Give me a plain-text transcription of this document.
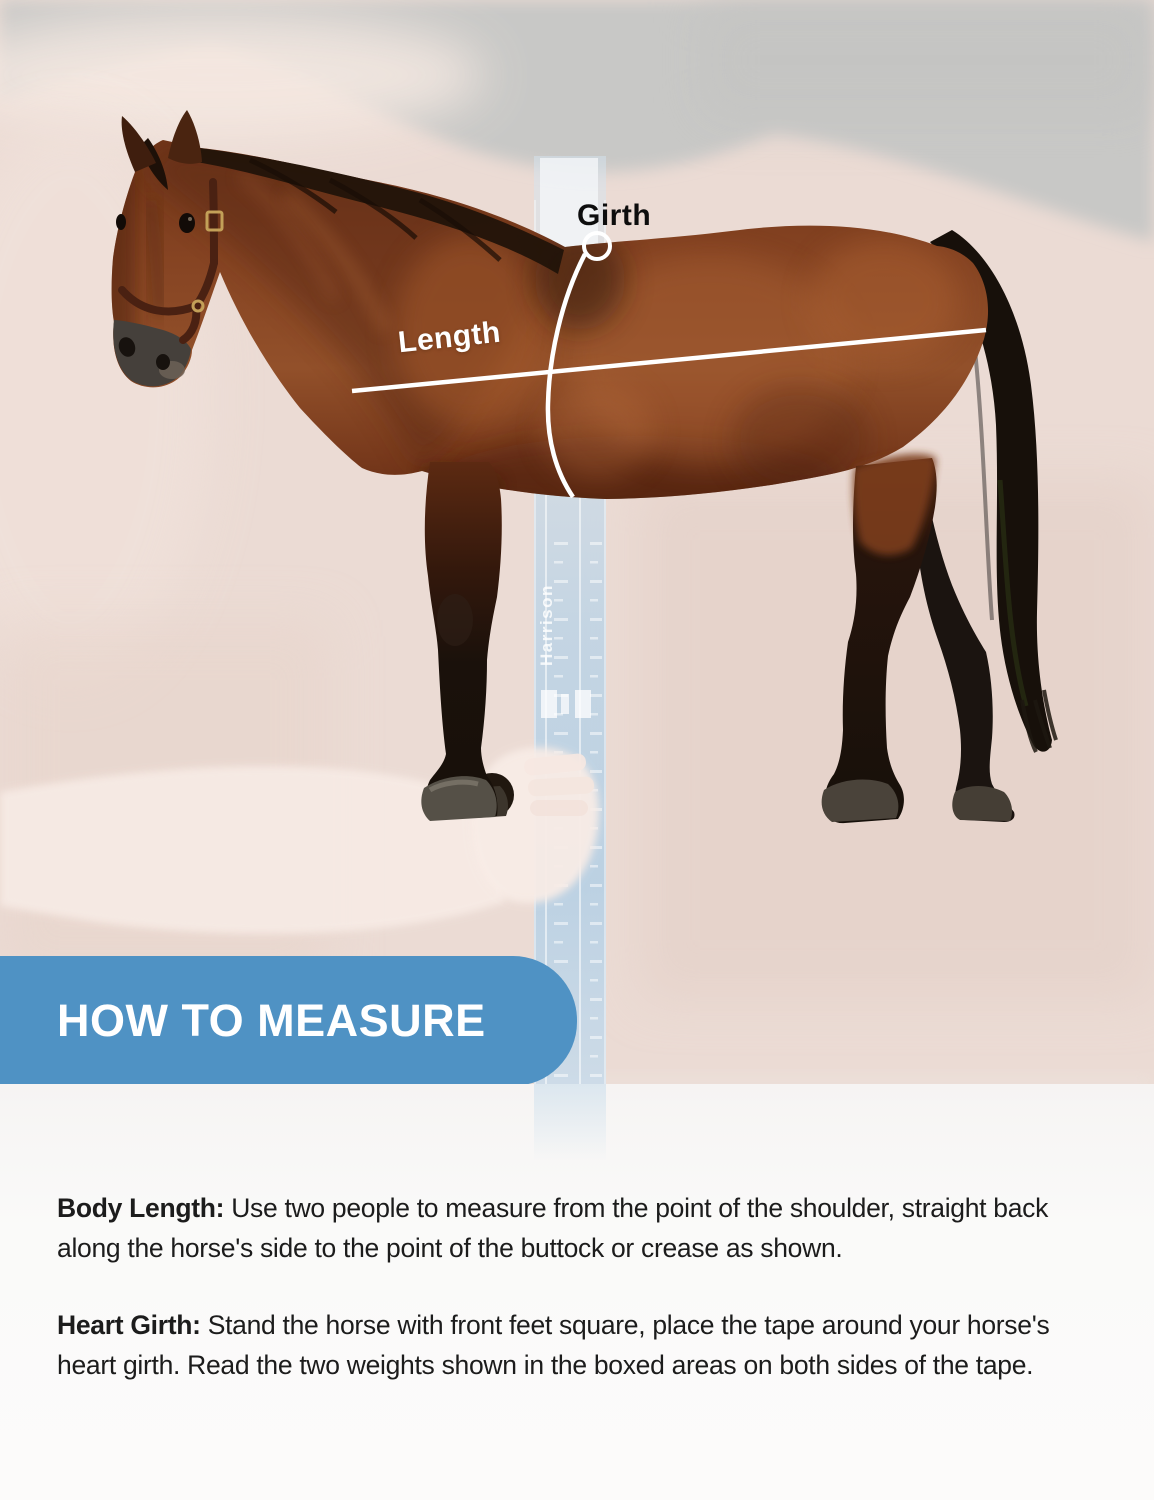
Girth
Length
Harrison
HOW TO MEASURE

Body Length: Use two people to measure from the point of the shoulder, straight back along the horse's side to the point of the buttock or crease as shown.

Heart Girth: Stand the horse with front feet square, place the tape around your horse's heart girth. Read the two weights shown in the boxed areas on both sides of the tape.
